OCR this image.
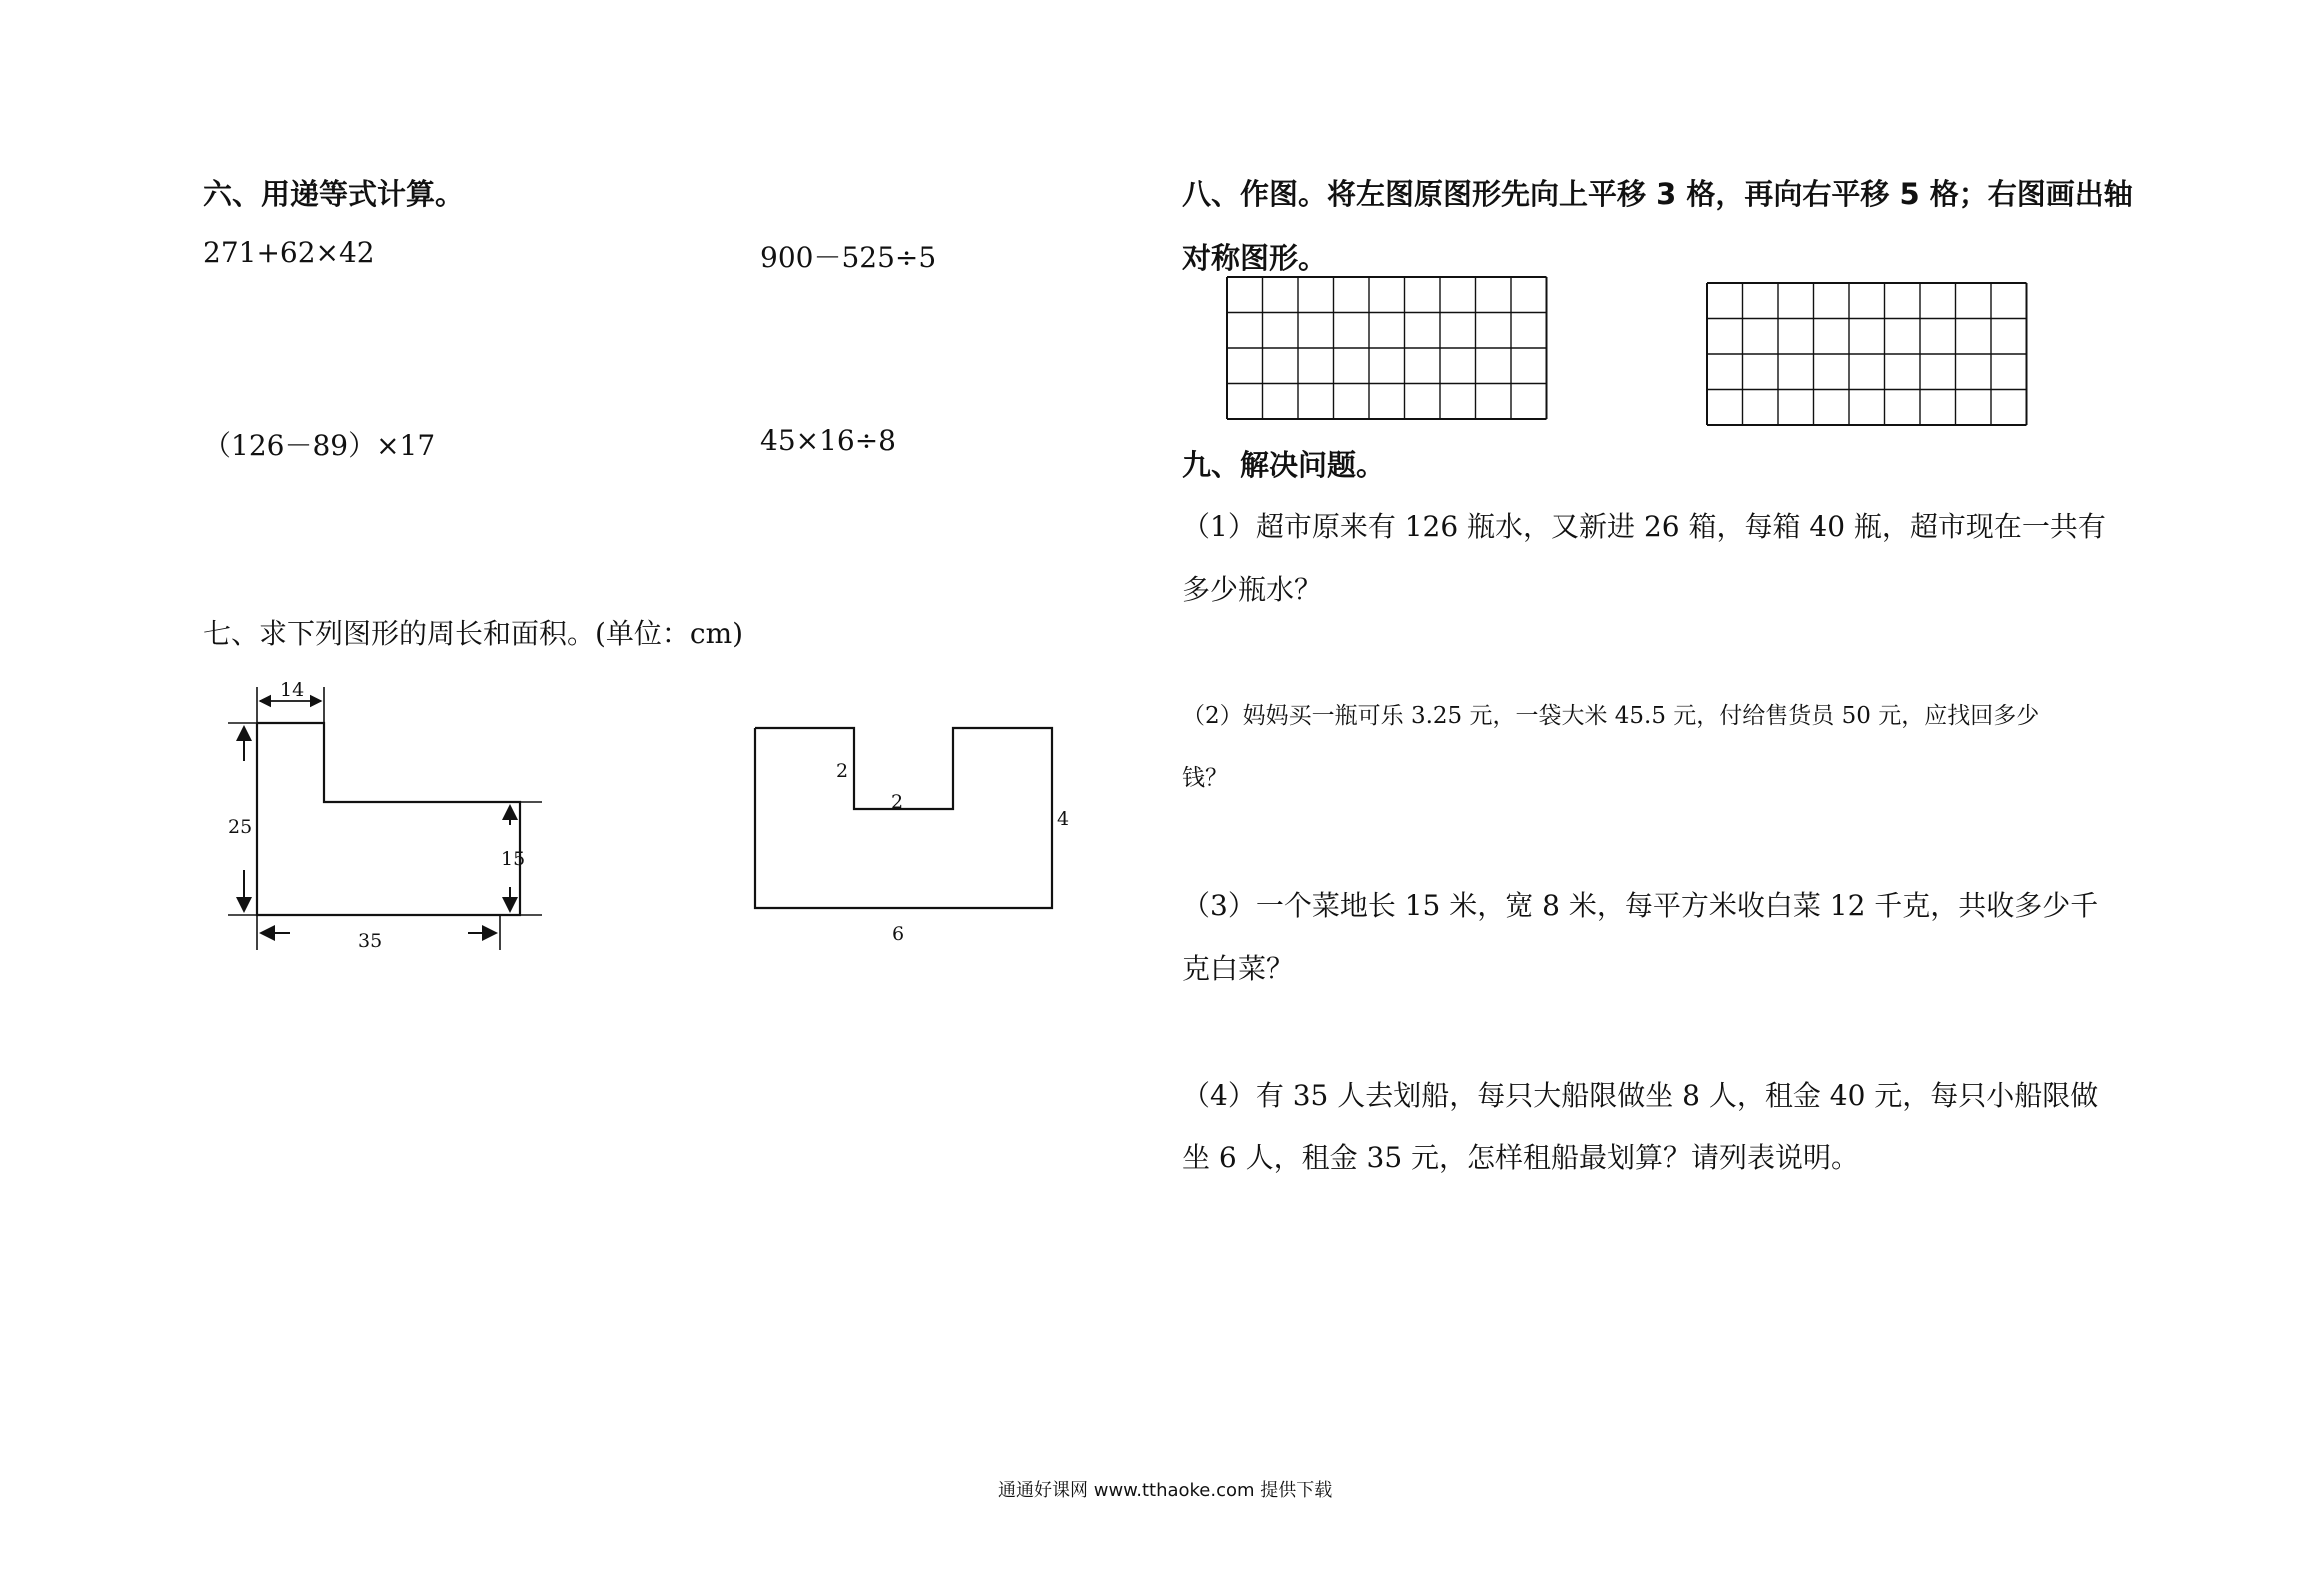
六、用递等式计算。
271+62×42	900－525÷5
（126－89）×17	45×16÷8
七、求下列图形的周长和面积。(单位：cm)
14
25
15
35
2
2
4
6
八、作图。将左图原图形先向上平移 3 格，再向右平移 5 格；右图画出轴
对称图形。
九、解决问题。
（1）超市原来有 126 瓶水，又新进 26 箱，每箱 40 瓶，超市现在一共有
多少瓶水？
（2）妈妈买一瓶可乐 3.25 元，一袋大米 45.5 元，付给售货员 50 元，应找回多少
钱？
（3）一个菜地长 15 米，宽 8 米，每平方米收白菜 12 千克，共收多少千
克白菜？
（4）有 35 人去划船，每只大船限做坐 8 人，租金 40 元，每只小船限做
坐 6 人，租金 35 元，怎样租船最划算？请列表说明。
通通好课网 www.tthaoke.com 提供下载
